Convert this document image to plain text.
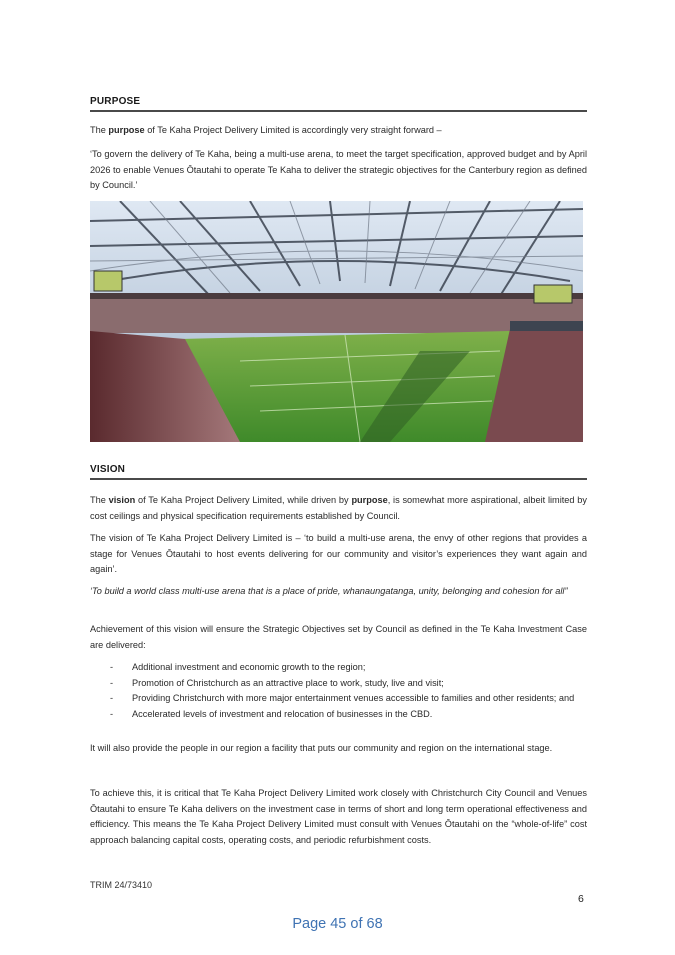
PURPOSE

The purpose of Te Kaha Project Delivery Limited is accordingly very straight forward –

‘To govern the delivery of Te Kaha, being a multi-use arena, to meet the target specification, approved budget and by April 2026 to enable Venues Ōtautahi to operate Te Kaha to deliver the strategic objectives for the Canterbury region as defined by Council.’

VISION

The vision of Te Kaha Project Delivery Limited, while driven by purpose, is somewhat more aspirational, albeit limited by cost ceilings and physical specification requirements established by Council.

The vision of Te Kaha Project Delivery Limited is – ‘to build a multi-use arena, the envy of other regions that provides a stage for Venues Ōtautahi to host events delivering for our community and visitor’s experiences they want again and again’.

‘To build a world class multi-use arena that is a place of pride, whanaungatanga, unity, belonging and cohesion for all”

Achievement of this vision will ensure the Strategic Objectives set by Council as defined in the Te Kaha Investment Case are delivered:

- Additional investment and economic growth to the region;
- Promotion of Christchurch as an attractive place to work, study, live and visit;
- Providing Christchurch with more major entertainment venues accessible to families and other residents; and
- Accelerated levels of investment and relocation of businesses in the CBD.

It will also provide the people in our region a facility that puts our community and region on the international stage.

To achieve this, it is critical that Te Kaha Project Delivery Limited work closely with Christchurch City Council and Venues Ōtautahi to ensure Te Kaha delivers on the investment case in terms of short and long term operational effectiveness and efficiency. This means the Te Kaha Project Delivery Limited must consult with Venues Ōtautahi on the “whole-of-life” cost approach balancing capital costs, operating costs, and periodic refurbishment costs.

TRIM 24/73410
6
Page 45 of 68
